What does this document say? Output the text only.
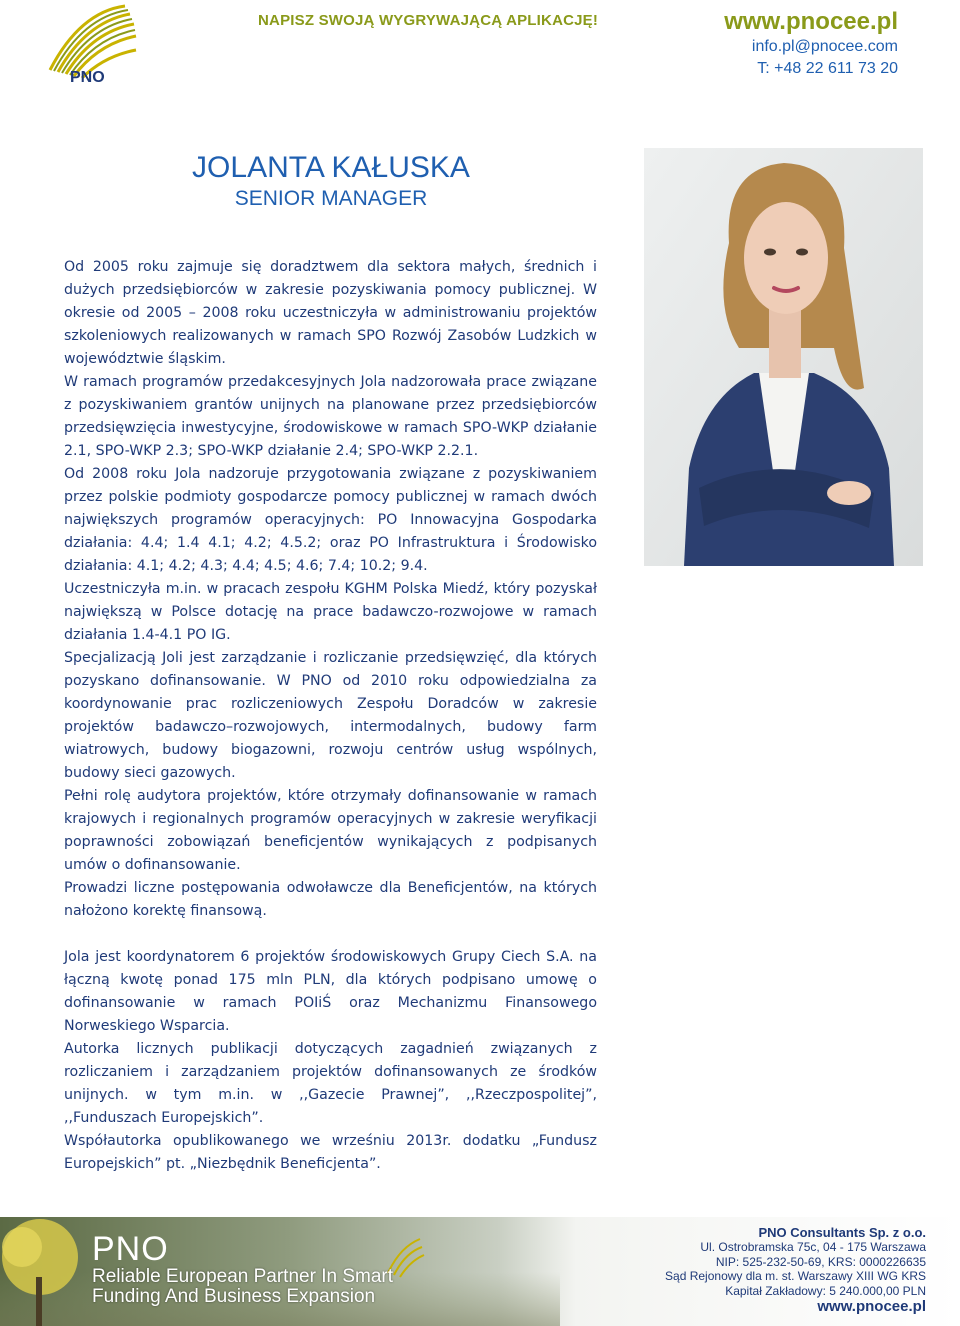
PNO
NAPISZ SWOJĄ WYGRYWAJĄCĄ APLIKACJĘ!	www.pnocee.pl
info.pl@pnocee.com
T: +48 22 611 73 20
JOLANTA KAŁUSKA
SENIOR MANAGER

Od 2005 roku zajmuje się doradztwem dla sektora małych, średnich i dużych przedsiębiorców w zakresie pozyskiwania pomocy publicznej. W okresie od 2005 – 2008 roku uczestniczyła w administrowaniu projektów szkoleniowych realizowanych w ramach SPO Rozwój Zasobów Ludzkich w województwie śląskim.

W ramach programów przedakcesyjnych Jola nadzorowała prace związane z pozyskiwaniem grantów unijnych na planowane przez przedsiębiorców przedsięwzięcia inwestycyjne, środowiskowe w ramach SPO-WKP działanie 2.1, SPO-WKP 2.3; SPO-WKP działanie 2.4; SPO-WKP 2.2.1.

Od 2008 roku Jola nadzoruje przygotowania związane z pozyskiwaniem przez polskie podmioty gospodarcze pomocy publicznej w ramach dwóch największych programów operacyjnych: PO Innowacyjna Gospodarka działania: 4.4; 1.4 4.1; 4.2; 4.5.2; oraz PO Infrastruktura i Środowisko działania: 4.1; 4.2; 4.3; 4.4; 4.5; 4.6; 7.4; 10.2; 9.4.

Uczestniczyła m.in. w pracach zespołu KGHM Polska Miedź, który pozyskał największą w Polsce dotację na prace badawczo-rozwojowe w ramach działania 1.4-4.1 PO IG.

Specjalizacją Joli jest zarządzanie i rozliczanie przedsięwzięć, dla których pozyskano dofinansowanie. W PNO od 2010 roku odpowiedzialna za koordynowanie prac rozliczeniowych Zespołu Doradców w zakresie projektów badawczo–rozwojowych, intermodalnych, budowy farm wiatrowych, budowy biogazowni, rozwoju centrów usług wspólnych, budowy sieci gazowych.

Pełni rolę audytora projektów, które otrzymały dofinansowanie w ramach krajowych i regionalnych programów operacyjnych w zakresie weryfikacji poprawności zobowiązań beneficjentów wynikających z podpisanych umów o dofinansowanie.

Prowadzi liczne postępowania odwoławcze dla Beneficjentów, na których nałożono korektę finansową.

Jola jest koordynatorem 6 projektów środowiskowych Grupy Ciech S.A. na łączną kwotę ponad 175 mln PLN, dla których podpisano umowę o dofinansowanie w ramach POIiŚ oraz Mechanizmu Finansowego Norweskiego Wsparcia.

Autorka licznych publikacji dotyczących zagadnień związanych z rozliczaniem i zarządzaniem projektów dofinansowanych ze środków unijnych. w tym m.in. w ,,Gazecie Prawnej”, ,,Rzeczpospolitej”, ,,Funduszach Europejskich”.

Współautorka opublikowanego we wrześniu 2013r. dodatku „Fundusz Europejskich” pt. „Niezbędnik Beneficjenta”.

PNO
Reliable European Partner In Smart
Funding And Business Expansion
PNO Consultants Sp. z o.o.
Ul. Ostrobramska 75c, 04 - 175 Warszawa
NIP: 525-232-50-69, KRS: 0000226635
Sąd Rejonowy dla m. st. Warszawy XIII WG KRS
Kapitał Zakładowy: 5 240.000,00 PLN
www.pnocee.pl
